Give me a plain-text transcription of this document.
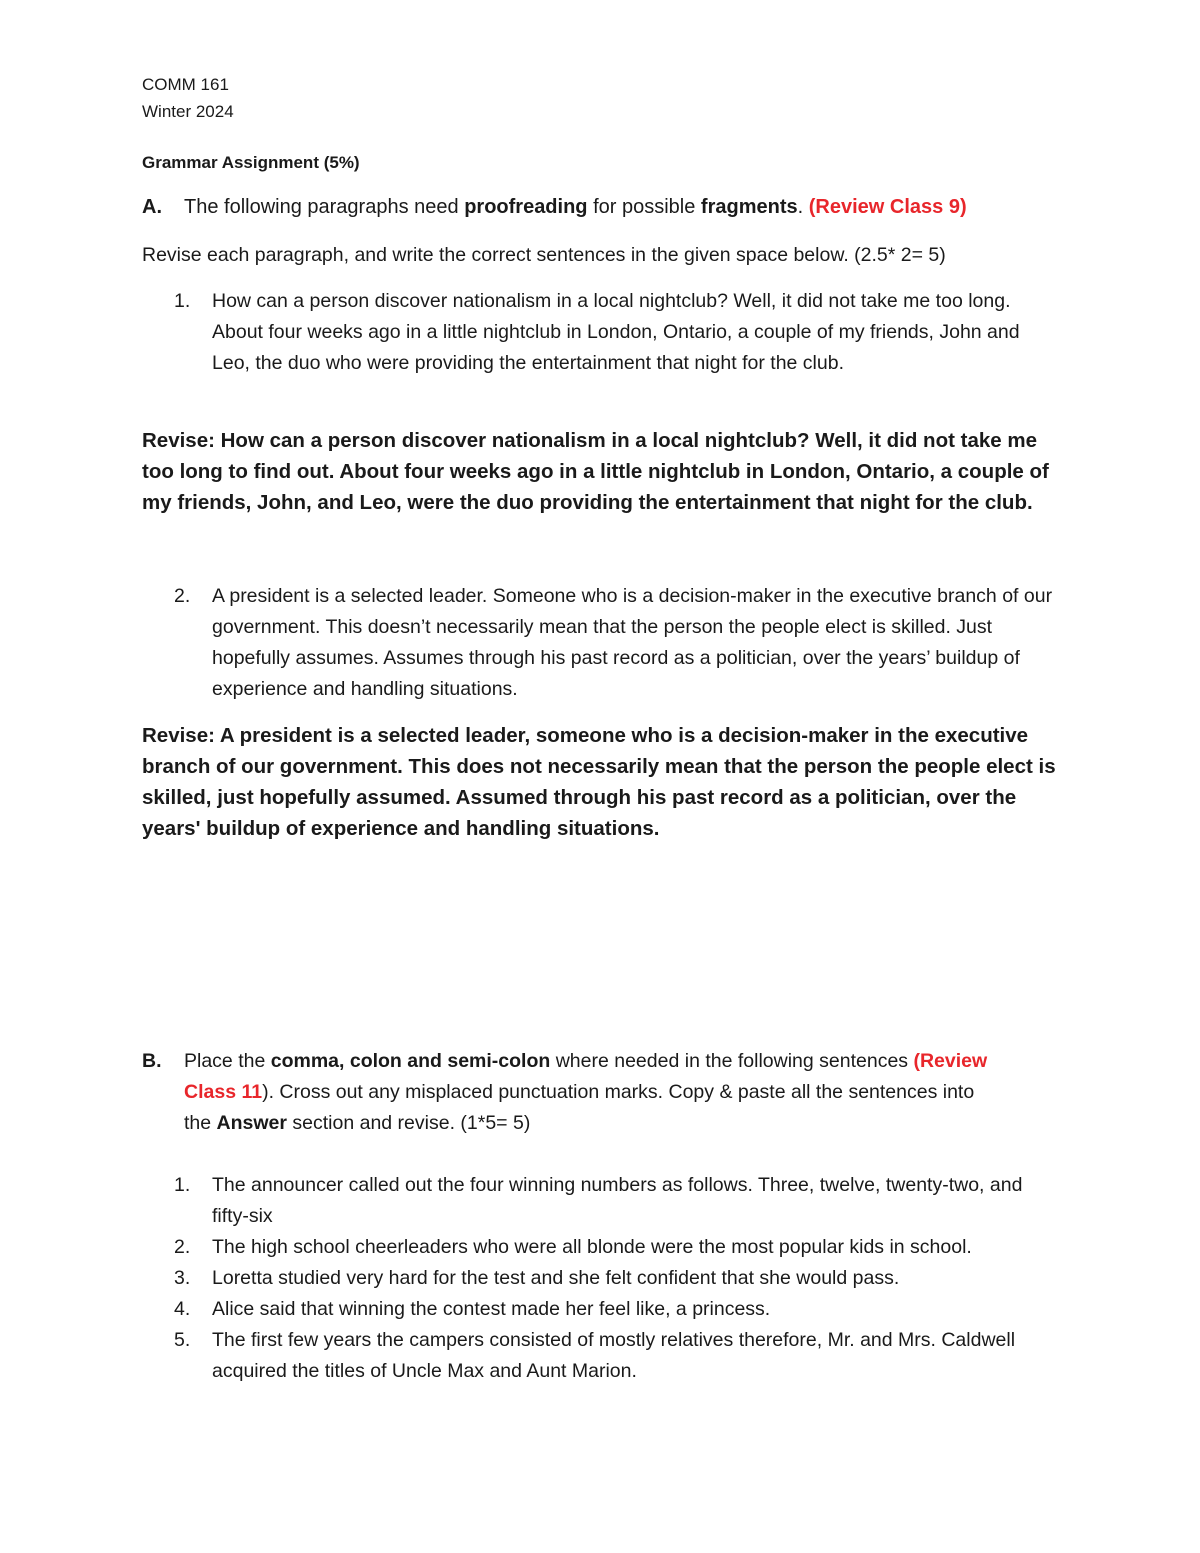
COMM 161
Winter 2024
Grammar Assignment (5%)
A. The following paragraphs need proofreading for possible fragments. (Review Class 9)
Revise each paragraph, and write the correct sentences in the given space below. (2.5* 2= 5)
1.	How can a person discover nationalism in a local nightclub? Well, it did not take me too long. About four weeks ago in a little nightclub in London, Ontario, a couple of my friends, John and Leo, the duo who were providing the entertainment that night for the club.
Revise: How can a person discover nationalism in a local nightclub? Well, it did not take me too long to find out. About four weeks ago in a little nightclub in London, Ontario, a couple of my friends, John, and Leo, were the duo providing the entertainment that night for the club.
2.	A president is a selected leader. Someone who is a decision-maker in the executive branch of our government. This doesn’t necessarily mean that the person the people elect is skilled. Just hopefully assumes. Assumes through his past record as a politician, over the years’ buildup of experience and handling situations.
Revise: A president is a selected leader, someone who is a decision-maker in the executive branch of our government. This does not necessarily mean that the person the people elect is skilled, just hopefully assumed. Assumed through his past record as a politician, over the years' buildup of experience and handling situations.
B. Place the comma, colon and semi-colon where needed in the following sentences (Review
Class 11). Cross out any misplaced punctuation marks. Copy & paste all the sentences into
the Answer section and revise. (1*5= 5)
1.	The announcer called out the four winning numbers as follows. Three, twelve, twenty-two, and fifty-six
2.	The high school cheerleaders who were all blonde were the most popular kids in school.
3.	Loretta studied very hard for the test and she felt confident that she would pass.
4.	Alice said that winning the contest made her feel like, a princess.
5.	The first few years the campers consisted of mostly relatives therefore, Mr. and Mrs. Caldwell acquired the titles of Uncle Max and Aunt Marion.
